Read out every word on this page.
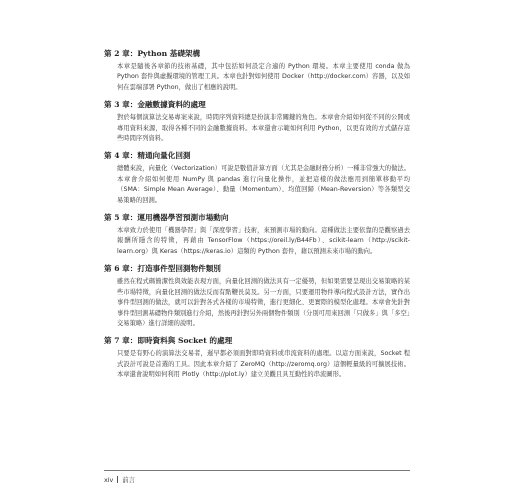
第 2 章：Python 基礎架構
本章是隨後各章節的技術基礎，其中包括如何設定合適的 Python 環境。本章主要使用 conda 做為 Python 套件與虛擬環境的管理工具。本章也針對如何使用 Docker（http://docker.com）容器，以及如何在雲端部署 Python，做出了相應的說明。
第 3 章：金融數據資料的處理
對於每個演算法交易專案來說，時間序列資料總是扮演非常關鍵的角色。本章會介紹如何從不同的公開或專用資料來源，取得各種不同的金融數據資料。本章還會示範如何利用 Python，以更有效的方式儲存這些時間序列資料。
第 4 章：精通向量化回測
總體來說，向量化（Vectorization）可說是數值計算方面（尤其是金融財務分析）一種非常強大的做法。本章會介紹如何使用 NumPy 與 pandas 進行向量化操作，並把這樣的做法應用到簡單移動平均（SMA：Simple Mean Average）、動量（Momentum）、均值回歸（Mean-Reversion）等各類型交易策略的回測。
第 5 章：運用機器學習預測市場動向
本章致力於使用「機器學習」與「深度學習」技術，來預測市場的動向。這種做法主要依靠的是觀察過去報酬所隱含的特徵，再藉由 TensorFlow（https://oreil.ly/B44Fb）、scikit-learn（http://scikit-learn.org）與 Keras（https://keras.io）這類的 Python 套件，藉以預測未來市場的動向。
第 6 章：打造事件型回測物件類別
雖然在程式碼簡潔性與效能表現方面，向量化回測的做法具有一定優勢，但如果需要呈現出交易策略的某些市場特徵，向量化回測的做法反而有點鞭長莫及。另一方面，只要運用物件導向程式設計方法，實作出事件型回測的做法，就可以針對各式各樣的市場特徵，進行更細化、更實際的模型化處理。本章會先針對事件型回測基礎物件類別進行介紹，然後再針對另外兩個物件類別（分別可用來回測「只做多」與「多空」交易策略）進行詳細的說明。
第 7 章：即時資料與 Socket 的處理
只要是有野心的演算法交易者，遲早都必須面對即時資料或串流資料的處理。以這方面來說，Socket 程式設計可說是首選的工具。因此本章介紹了 ZeroMQ（http://zeromq.org）這個輕量級的可擴展技術。本章還會說明如何利用 Plotly（http://plot.ly）建立美觀且具互動性的串流圖形。
xiv 前言
